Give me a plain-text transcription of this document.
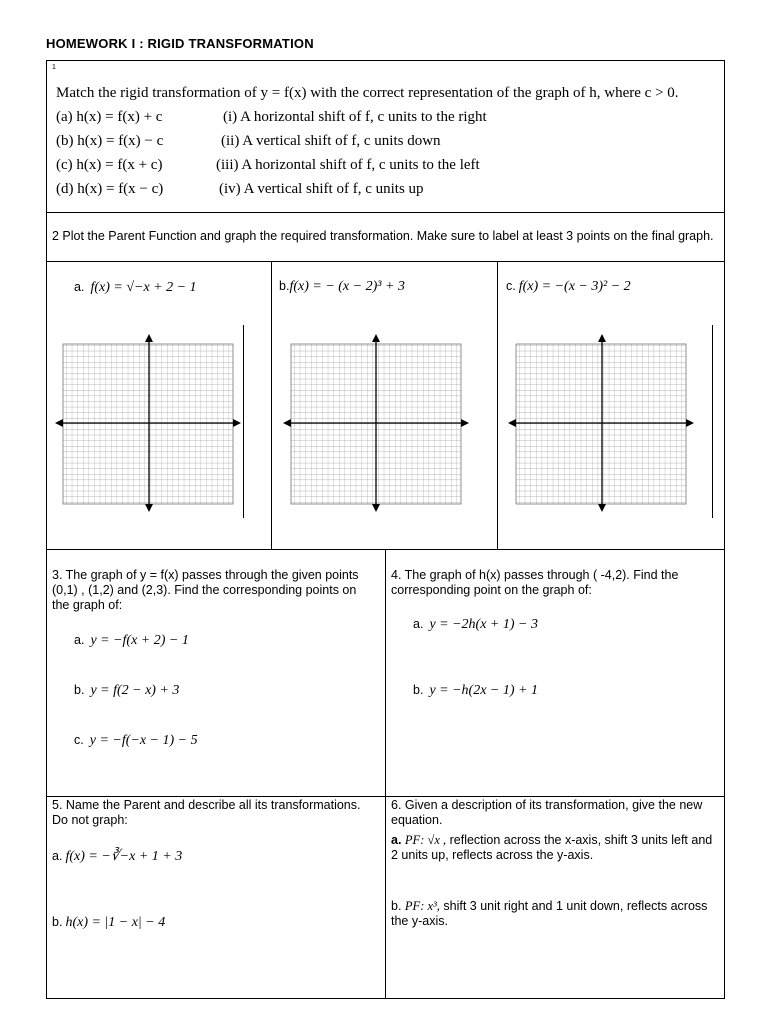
HOMEWORK I : RIGID TRANSFORMATION
1
Match the rigid transformation of y = f(x) with the correct representation of the graph of h, where c > 0.
(a) h(x) = f(x) + c
(b) h(x) = f(x) − c
(c) h(x) = f(x + c)
(d) h(x) = f(x − c)
(i) A horizontal shift of f, c units to the right
(ii) A vertical shift of f, c units down
(iii) A horizontal shift of f, c units to the left
(iv) A vertical shift of f, c units up
2 Plot the Parent Function and graph the required transformation. Make sure to label at least 3 points on the final graph.
a. f(x) = √−x + 2 − 1	b.f(x) = − (x − 2)³ + 3	c. f(x) = −(x − 3)² − 2
3. The graph of y = f(x) passes through the given points (0,1) , (1,2) and (2,3). Find the corresponding points on the graph of:
a. y = −f(x + 2) − 1
b. y = f(2 − x) + 3
c. y = −f(−x − 1) − 5
4. The graph of h(x) passes through ( -4,2). Find the corresponding point on the graph of:
a. y = −2h(x + 1) − 3
b. y = −h(2x − 1) + 1
5. Name the Parent and describe all its transformations. Do not graph:
a. f(x) = −∛−x + 1 + 3
b. h(x) = |1 − x| − 4
6. Given a description of its transformation, give the new equation.
a. PF: √x , reflection across the x-axis, shift 3 units left and 2 units up, reflects across the y-axis.
b. PF: x³, shift 3 unit right and 1 unit down, reflects across the y-axis.
